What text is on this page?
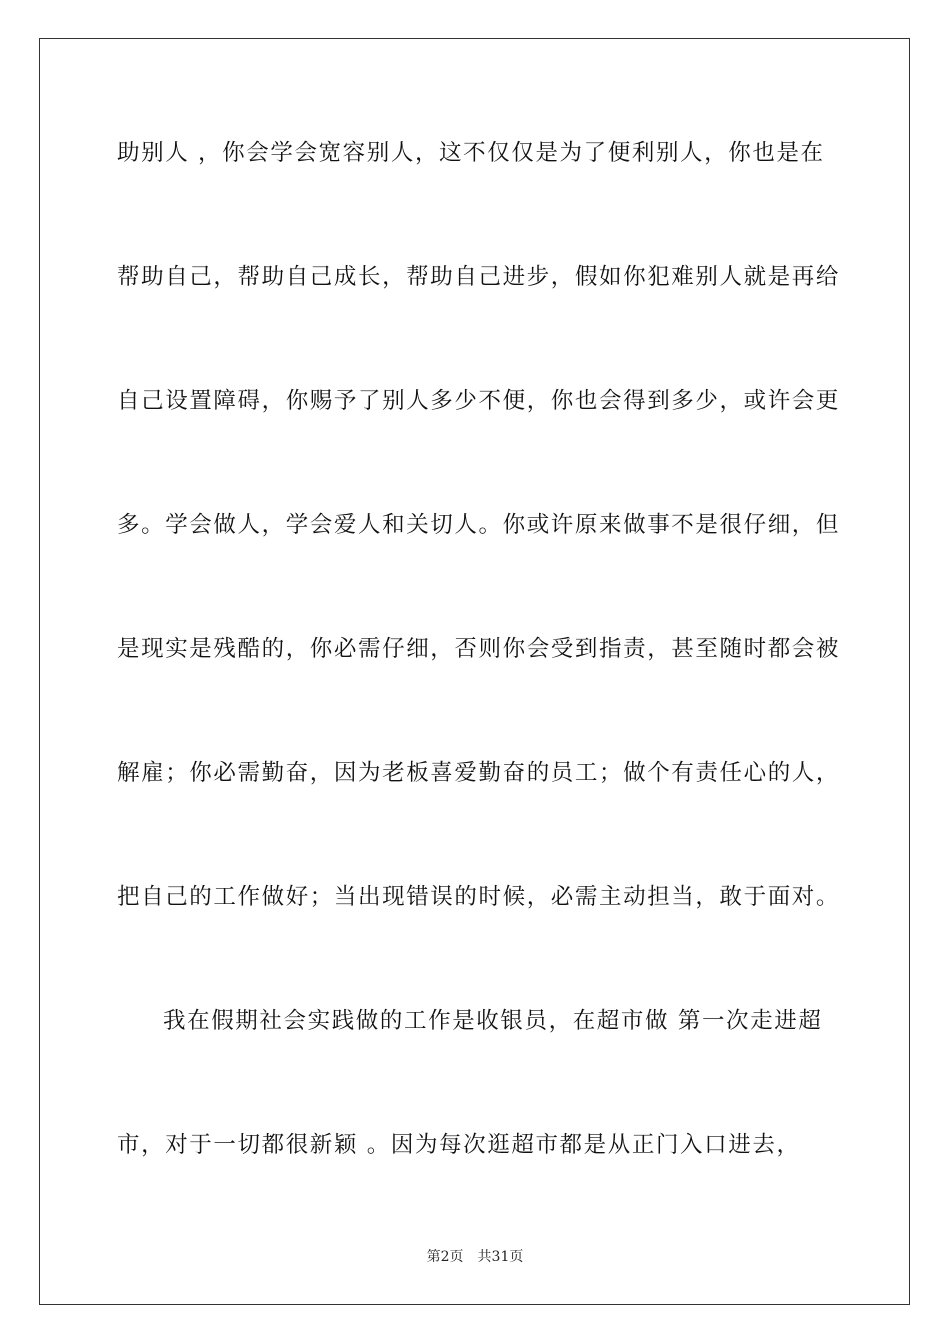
助别人 ，你会学会宽容别人，这不仅仅是为了便利别人，你也是在
帮助自己，帮助自己成长，帮助自己进步，假如你犯难别人就是再给
自己设置障碍，你赐予了别人多少不便，你也会得到多少，或许会更
多。学会做人，学会爱人和关切人。你或许原来做事不是很仔细，但
是现实是残酷的，你必需仔细，否则你会受到指责，甚至随时都会被
解雇；你必需勤奋，因为老板喜爱勤奋的员工；做个有责任心的人，
把自己的工作做好；当出现错误的时候，必需主动担当，敢于面对。
我在假期社会实践做的工作是收银员，在超市做 第一次走进超
市，对于一切都很新颖 。因为每次逛超市都是从正门入口进去，
第2页 共31页
